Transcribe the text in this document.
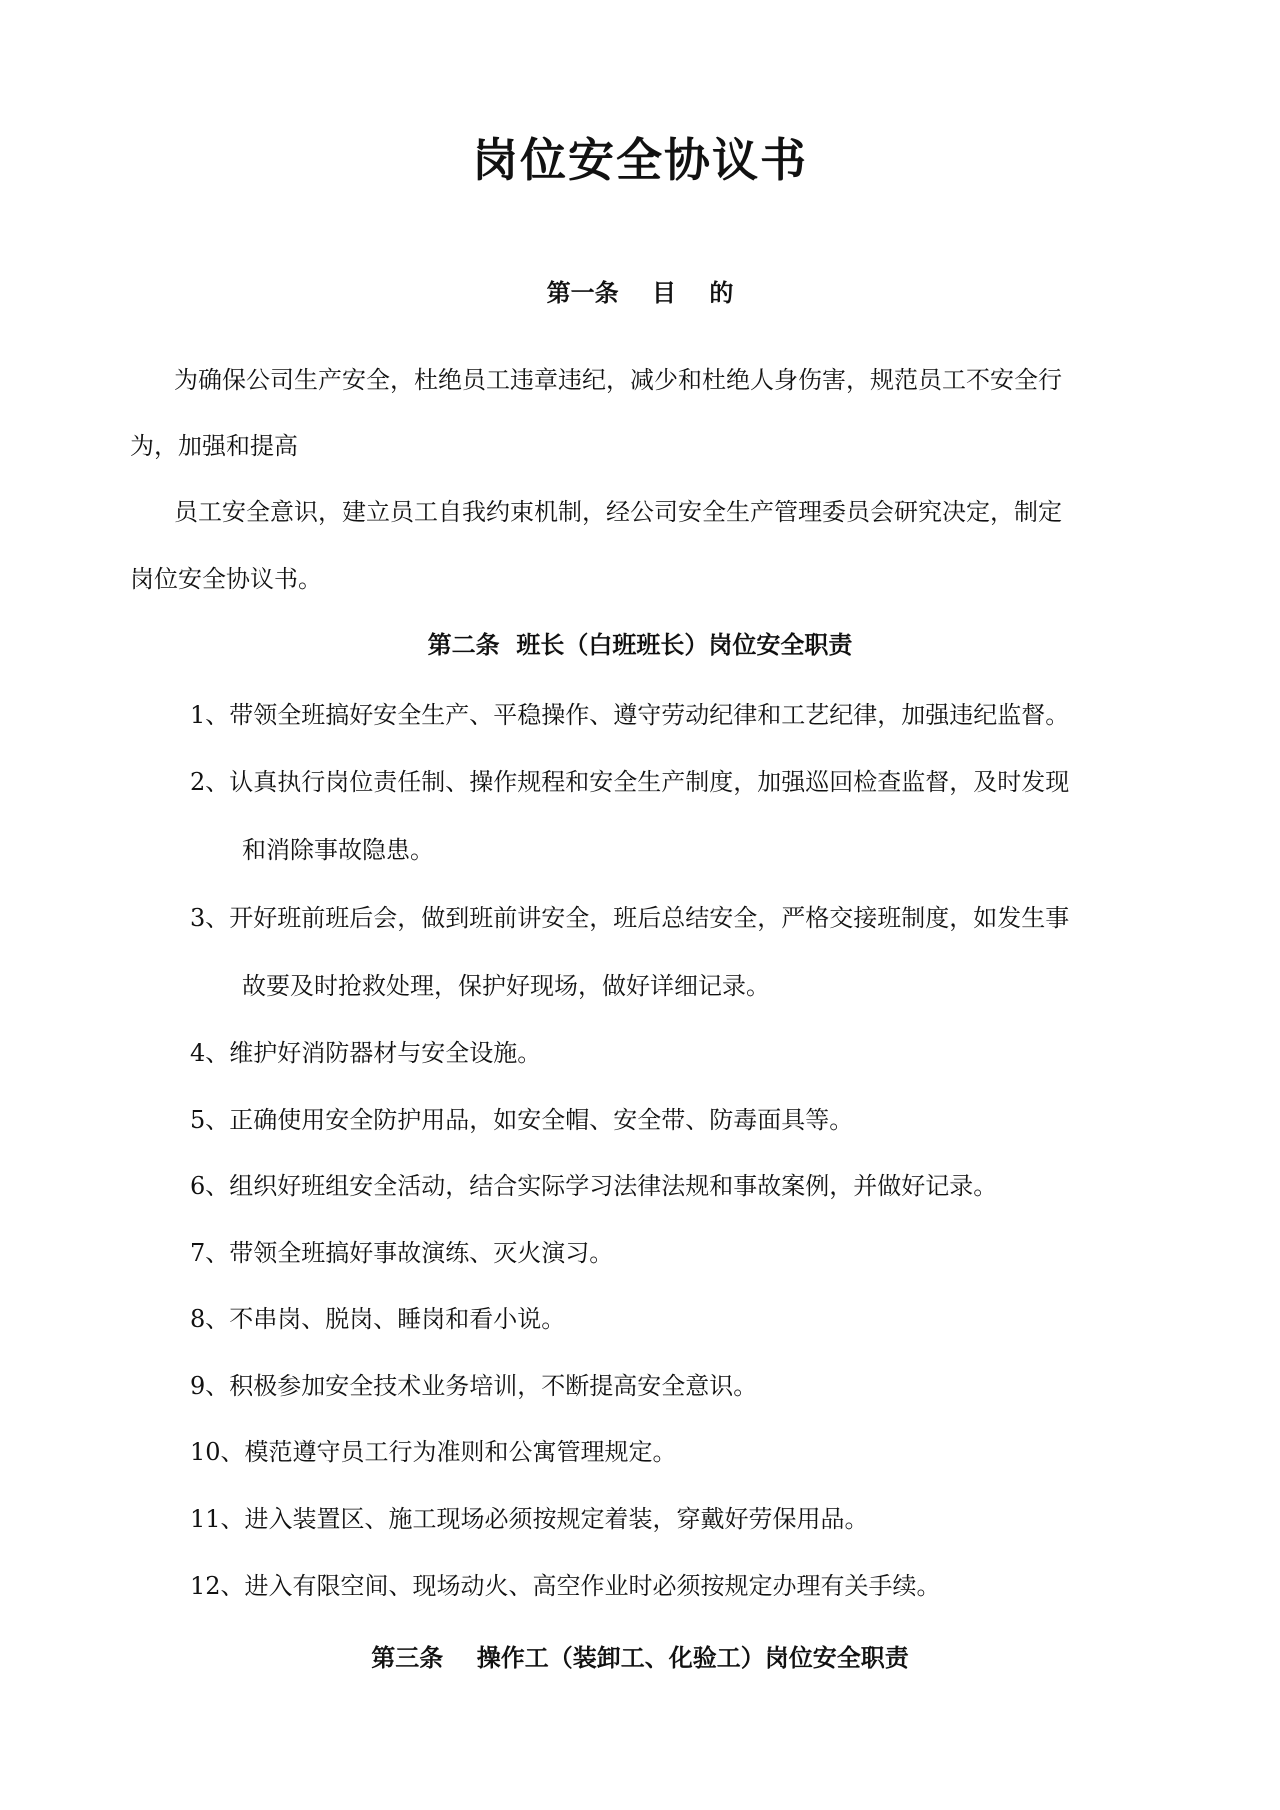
岗位安全协议书
第一条    目    的
为确保公司生产安全，杜绝员工违章违纪，减少和杜绝人身伤害，规范员工不安全行
为，加强和提高
员工安全意识，建立员工自我约束机制，经公司安全生产管理委员会研究决定，制定
岗位安全协议书。
第二条  班长（白班班长）岗位安全职责
1、带领全班搞好安全生产、平稳操作、遵守劳动纪律和工艺纪律，加强违纪监督。
2、认真执行岗位责任制、操作规程和安全生产制度，加强巡回检查监督，及时发现
和消除事故隐患。
3、开好班前班后会，做到班前讲安全，班后总结安全，严格交接班制度，如发生事
故要及时抢救处理，保护好现场，做好详细记录。
4、维护好消防器材与安全设施。
5、正确使用安全防护用品，如安全帽、安全带、防毒面具等。
6、组织好班组安全活动，结合实际学习法律法规和事故案例，并做好记录。
7、带领全班搞好事故演练、灭火演习。
8、不串岗、脱岗、睡岗和看小说。
9、积极参加安全技术业务培训，不断提高安全意识。
10、模范遵守员工行为准则和公寓管理规定。
11、进入装置区、施工现场必须按规定着装，穿戴好劳保用品。
12、进入有限空间、现场动火、高空作业时必须按规定办理有关手续。
第三条    操作工（装卸工、化验工）岗位安全职责
